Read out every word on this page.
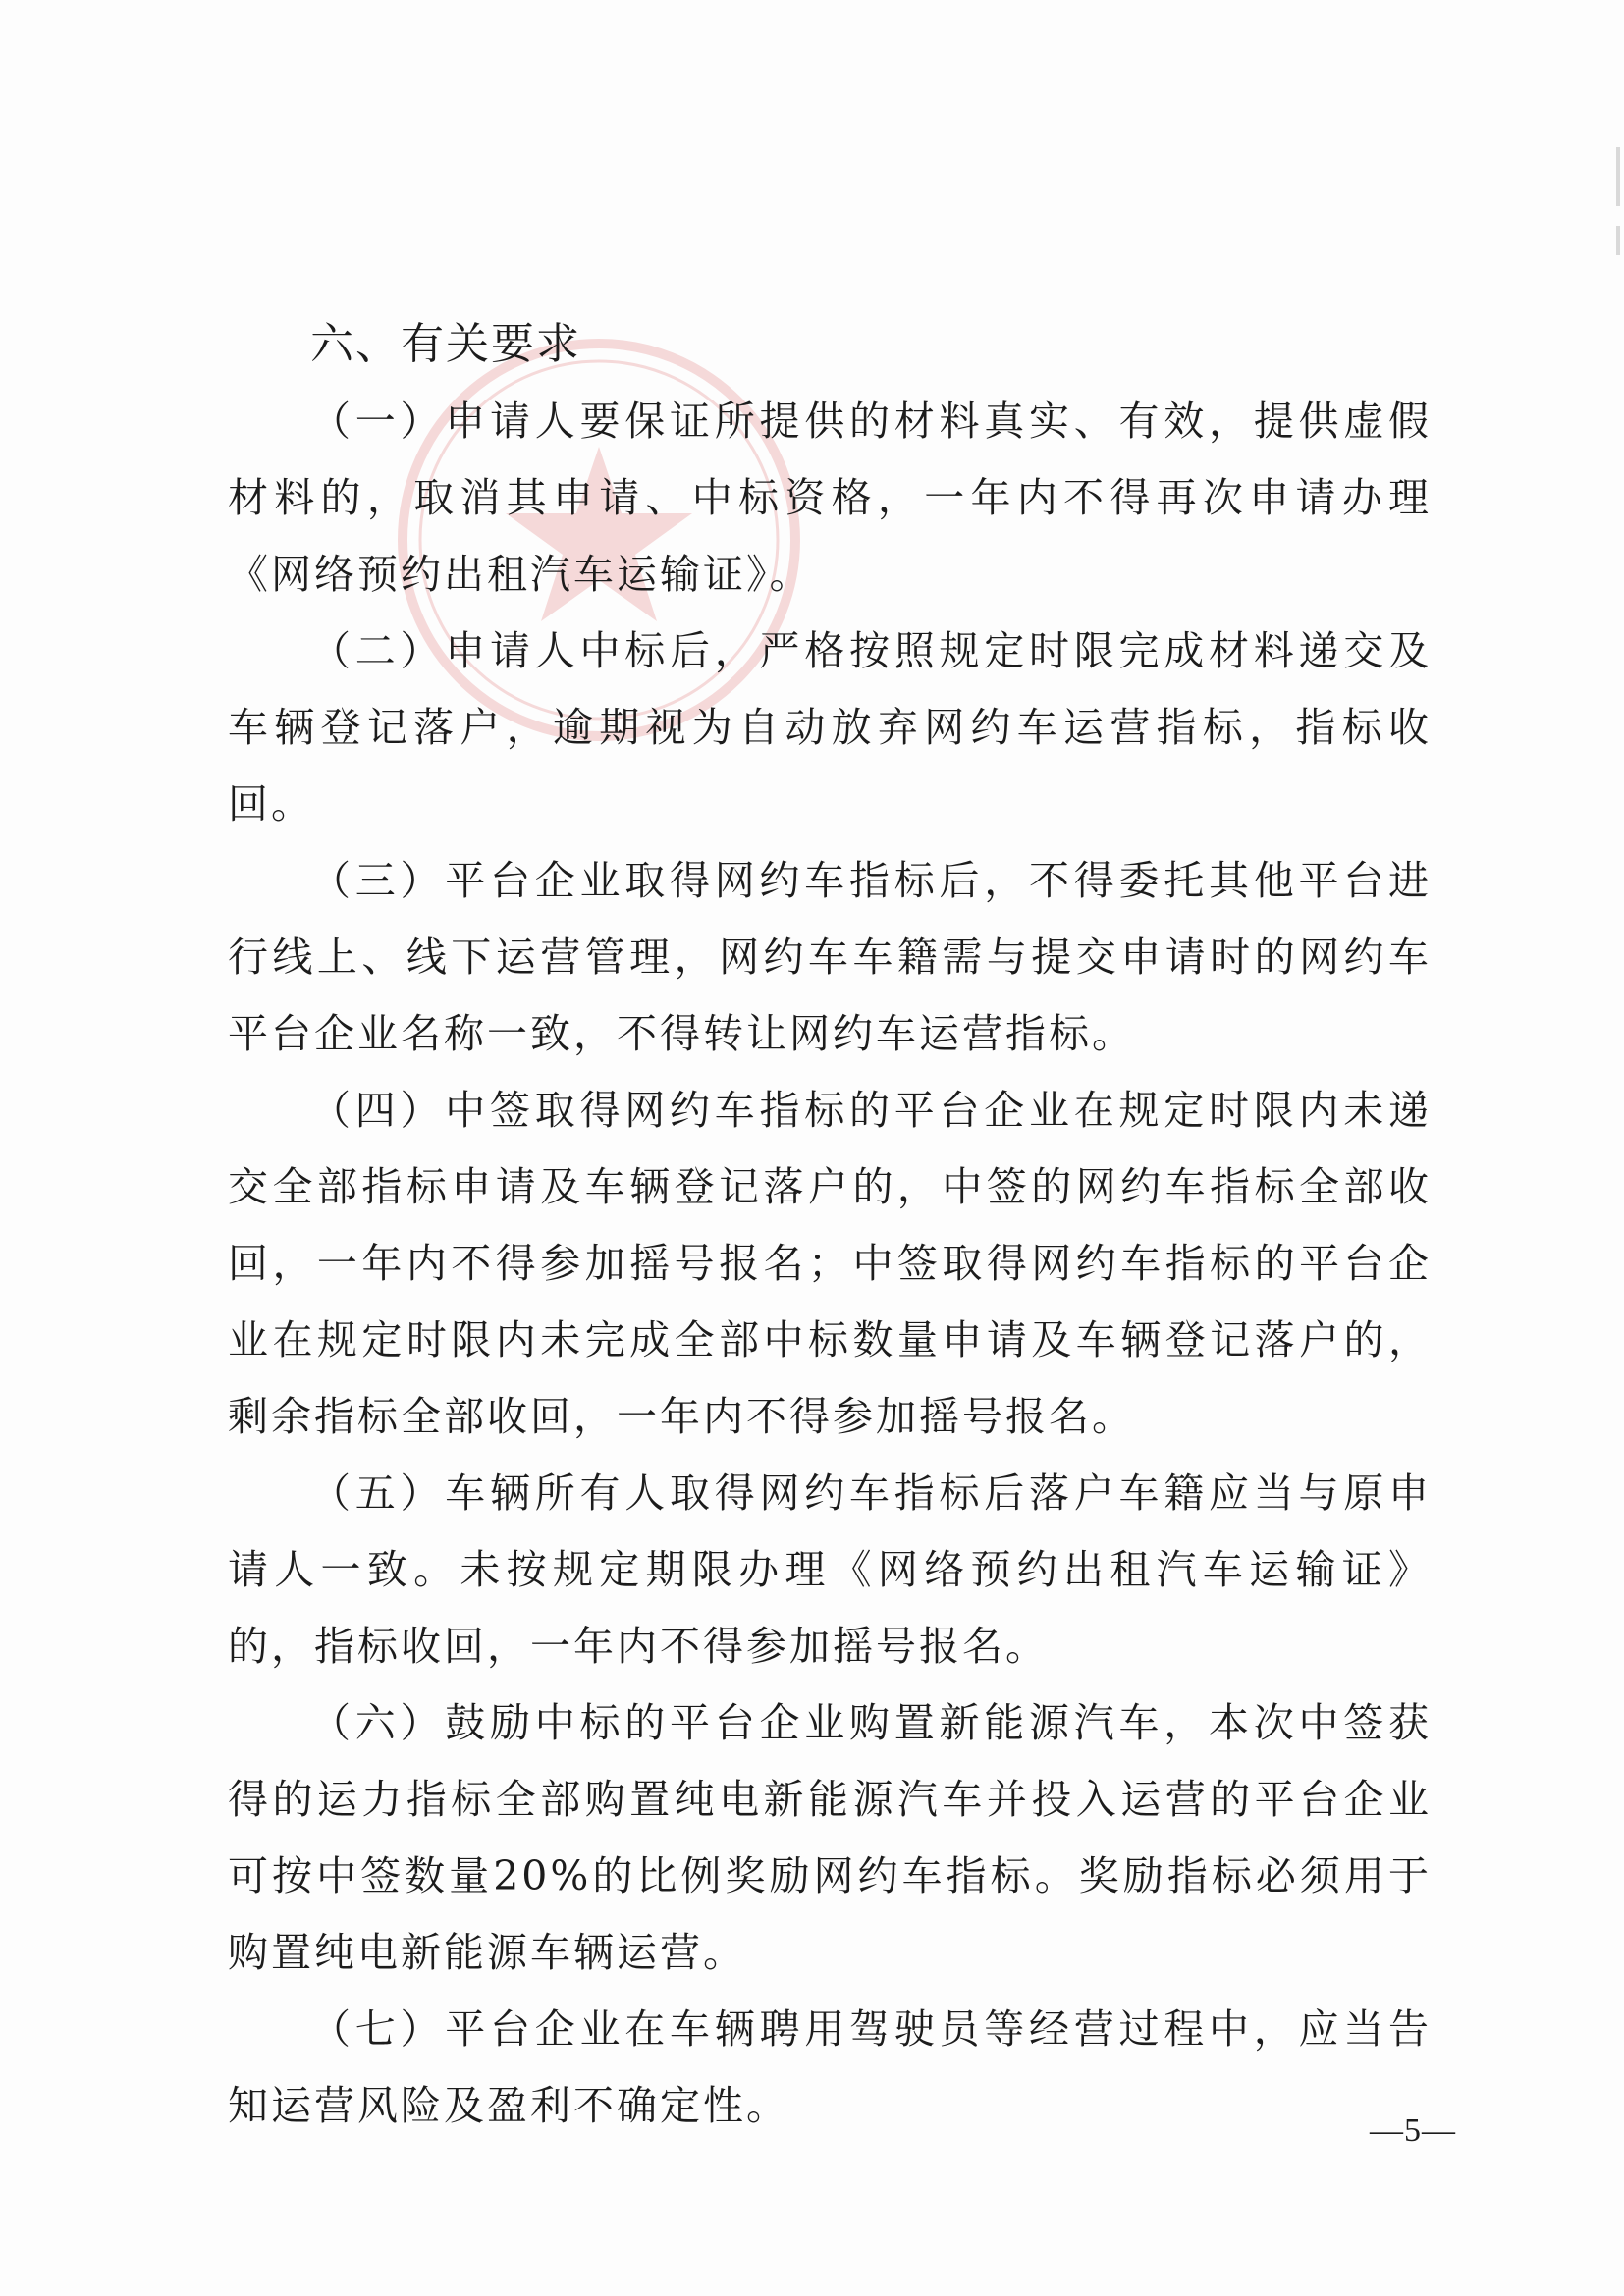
六、有关要求

（一）申请人要保证所提供的材料真实、有效，提供虚假材料的，取消其申请、中标资格，一年内不得再次申请办理《网络预约出租汽车运输证》。

（二）申请人中标后，严格按照规定时限完成材料递交及车辆登记落户，逾期视为自动放弃网约车运营指标，指标收回。

（三）平台企业取得网约车指标后，不得委托其他平台进行线上、线下运营管理，网约车车籍需与提交申请时的网约车平台企业名称一致，不得转让网约车运营指标。

（四）中签取得网约车指标的平台企业在规定时限内未递交全部指标申请及车辆登记落户的，中签的网约车指标全部收回，一年内不得参加摇号报名；中签取得网约车指标的平台企业在规定时限内未完成全部中标数量申请及车辆登记落户的，剩余指标全部收回，一年内不得参加摇号报名。

（五）车辆所有人取得网约车指标后落户车籍应当与原申请人一致。未按规定期限办理《网络预约出租汽车运输证》的，指标收回，一年内不得参加摇号报名。

（六）鼓励中标的平台企业购置新能源汽车，本次中签获得的运力指标全部购置纯电新能源汽车并投入运营的平台企业可按中签数量20%的比例奖励网约车指标。奖励指标必须用于购置纯电新能源车辆运营。

（七）平台企业在车辆聘用驾驶员等经营过程中，应当告知运营风险及盈利不确定性。

—5—
